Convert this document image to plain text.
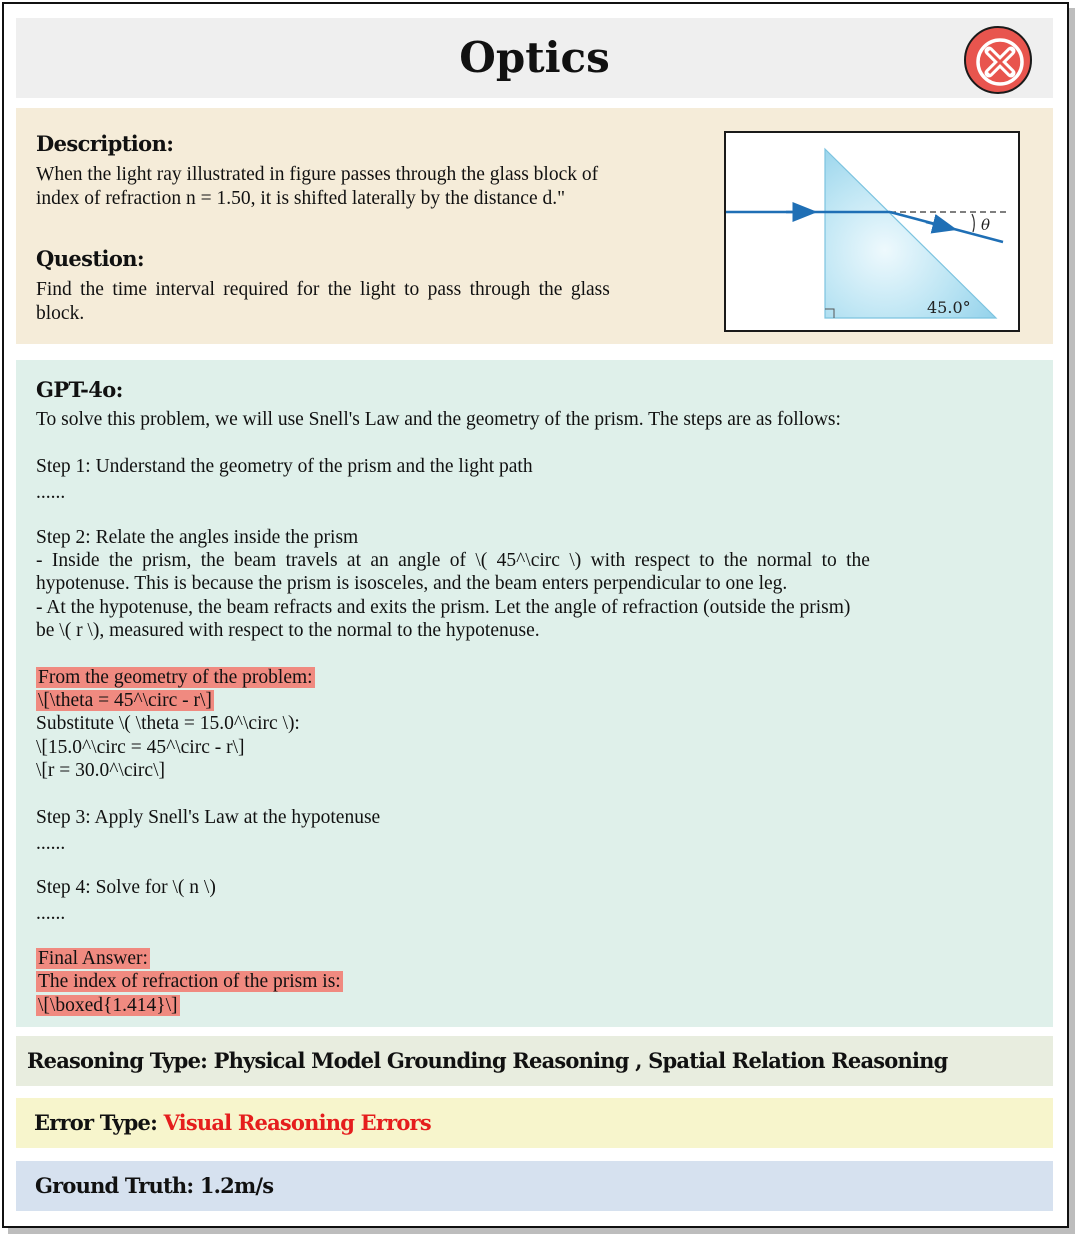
Optics
Description:
When the light ray illustrated in figure passes through the glass block of
index of refraction n = 1.50, it is shifted laterally by the distance d."
Question:
Find the time interval required for the light to pass through the glass
block.
θ
45.0°
GPT-4o:
To solve this problem, we will use Snell's Law and the geometry of the prism. The steps are as follows:
Step 1: Understand the geometry of the prism and the light path
......
Step 2: Relate the angles inside the prism
- Inside the prism, the beam travels at an angle of \( 45^\circ \) with respect to the normal to the
hypotenuse. This is because the prism is isosceles, and the beam enters perpendicular to one leg.
- At the hypotenuse, the beam refracts and exits the prism. Let the angle of refraction (outside the prism)
be \( r \), measured with respect to the normal to the hypotenuse.
From the geometry of the problem:
\[\theta = 45^\circ - r\]
Substitute \( \theta = 15.0^\circ \):
\[15.0^\circ = 45^\circ - r\]
\[r = 30.0^\circ\]
Step 3: Apply Snell's Law at the hypotenuse
......
Step 4: Solve for \( n \)
......
Final Answer:
The index of refraction of the prism is:
\[\boxed{1.414}\]
Reasoning Type: Physical Model Grounding Reasoning , Spatial Relation Reasoning
Error Type: Visual Reasoning Errors
Ground Truth: 1.2m/s
